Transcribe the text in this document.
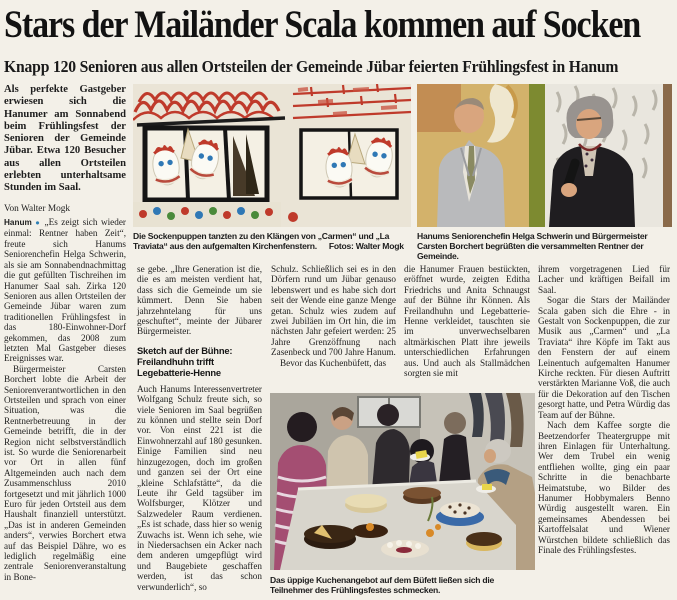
Stars der Mailänder Scala kommen auf Socken
Knapp 120 Senioren aus allen Ortsteilen der Gemeinde Jübar feierten Frühlingsfest in Hanum

Als perfekte Gastgeber erwiesen sich die Hanumer am Sonnabend beim Frühlingsfest der Senioren der Gemeinde Jübar. Etwa 120 Besucher aus allen Ortsteilen erlebten unterhaltsame Stunden im Saal.

Von Walter Mogk

Hanum ● „Es zeigt sich wieder einmal: Rentner haben Zeit“, freute sich Hanums Seniorenchefin Helga Schwerin, als sie am Sonnabendnachmittag die gut gefüllten Tischreihen im Hanumer Saal sah. Zirka 120 Senioren aus allen Ortsteilen der Gemeinde Jübar waren zum traditionellen Frühlingsfest in das 180-Einwohner-Dorf gekommen, das 2008 zum letzten Mal Gastgeber dieses Ereignisses war.

Bürgermeister Carsten Borchert lobte die Arbeit der Seniorenverantwortlichen in den Ortsteilen und sprach von einer Situation, was die Rentnerbetreuung in der Gemeinde betrifft, die in der Region nicht selbstverständlich ist. So wurde die Seniorenarbeit vor Ort in allen fünf Altgemeinden auch nach dem Zusammenschluss 2010 fortgesetzt und mit jährlich 1000 Euro für jeden Ortsteil aus dem Haushalt finanziell unterstützt. „Das ist in anderen Gemeinden anders“, verwies Borchert etwa auf das Beispiel Dähre, wo es lediglich regelmäßig eine zentrale Seniorenveranstaltung in Bone-

Die Sockenpuppen tanzten zu den Klängen von „Carmen“ und „La Traviata“ aus den aufgemalten Kirchenfenstern. Fotos: Walter Mogk
Hanums Seniorenchefin Helga Schwerin und Bürgermeister Carsten Borchert begrüßten die versammelten Rentner der Gemeinde.

se gebe. „Ihre Generation ist die, die es am meisten verdient hat, dass sich die Gemeinde um sie kümmert. Denn Sie haben jahrzehntelang für uns geschuftet“, meinte der Jübarer Bürgermeister.

Sketch auf der Bühne: Freilandhuhn trifft Legebatterie-Henne

Auch Hanums Interessenvertreter Wolfgang Schulz freute sich, so viele Senioren im Saal begrüßen zu können und stellte sein Dorf vor. Von einst 221 ist die Einwohnerzahl auf 180 gesunken. Einige Familien sind neu hinzugezogen, doch im großen und ganzen sei der Ort eine „kleine Schlafstätte“, da die Leute ihr Geld tagsüber im Wolfsburger, Klötzer und Salzwedeler Raum verdienen. „Es ist schade, dass hier so wenig Zuwachs ist. Wenn ich sehe, wie in Niedersachsen ein Acker nach dem anderen umgepflügt wird und Baugebiete geschaffen werden, ist das schon verwunderlich“, so

Schulz. Schließlich sei es in den Dörfern rund um Jübar genauso lebenswert und es habe sich dort seit der Wende eine ganze Menge getan. Schulz wies zudem auf zwei Jubiläen im Ort hin, die im nächsten Jahr gefeiert werden: 25 Jahre Grenzöffnung nach Zasenbeck und 700 Jahre Hanum.

Bevor das Kuchenbüfett, das

die Hanumer Frauen bestückten, eröffnet wurde, zeigten Editha Friedrichs und Anita Schnaugst auf der Bühne ihr Können. Als Freilandhuhn und Legebatterie-Henne verkleidet, tauschten sie im unverwechselbaren altmärkischen Platt ihre jeweils unterschiedlichen Erfahrungen aus. Und auch als Stallmädchen sorgten sie mit

ihrem vorgetragenen Lied für Lacher und kräftigen Beifall im Saal.

Sogar die Stars der Mailänder Scala gaben sich die Ehre - in Gestalt von Sockenpuppen, die zur Musik aus „Carmen“ und „La Traviata“ ihre Köpfe im Takt aus den Fenstern der auf einem Leinentuch aufgemalten Hanumer Kirche reckten. Für diesen Auftritt verstärkten Marianne Voß, die auch für die Dekoration auf den Tischen gesorgt hatte, und Petra Würdig das Team auf der Bühne.

Nach dem Kaffee sorgte die Beetzendorfer Theatergruppe mit ihren Einlagen für Unterhaltung. Wer dem Trubel ein wenig entfliehen wollte, ging ein paar Schritte in die benachbarte Heimatstube, wo Bilder des Hanumer Hobbymalers Benno Würdig ausgestellt waren. Ein gemeinsames Abendessen bei Kartoffelsalat und Wiener Würstchen bildete schließlich das Finale des Frühlingsfestes.

Das üppige Kuchenangebot auf dem Büfett ließen sich die Teilnehmer des Frühlingsfestes schmecken.
